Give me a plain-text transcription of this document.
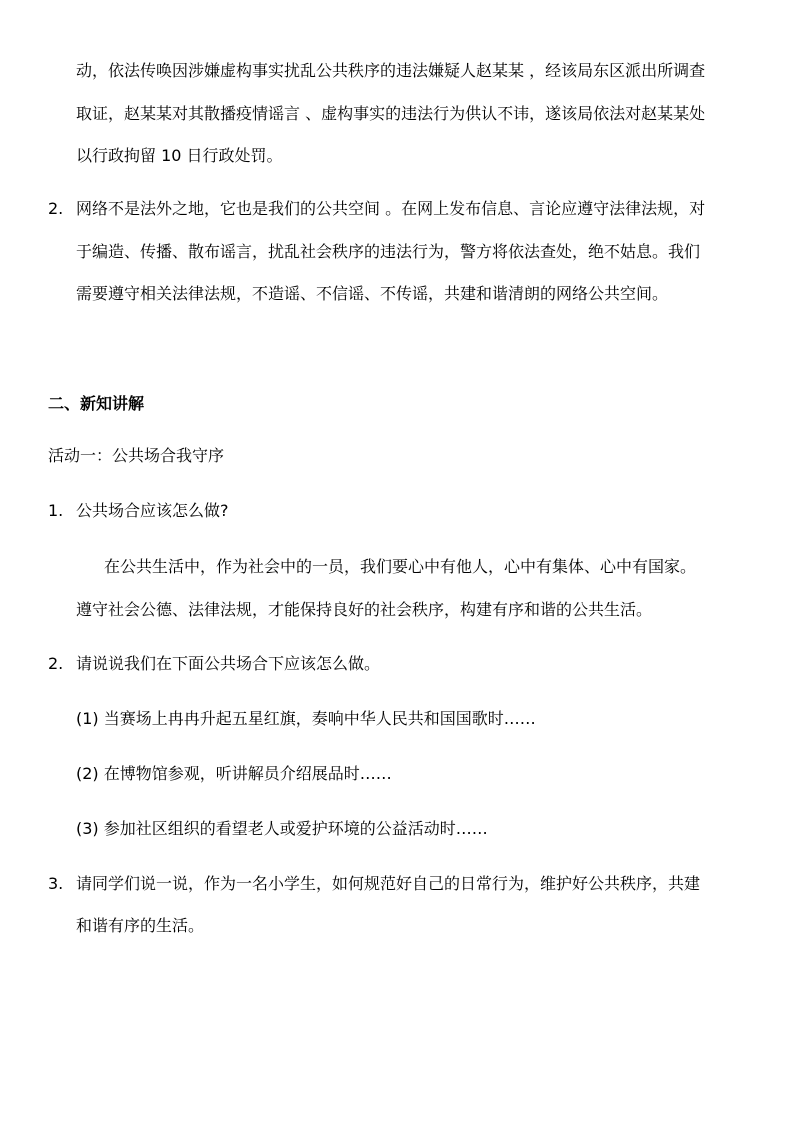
动，依法传唤因涉嫌虚构事实扰乱公共秩序的违法嫌疑人赵某某 ，经该局东区派出所调查
取证，赵某某对其散播疫情谣言 、虚构事实的违法行为供认不讳，遂该局依法对赵某某处
以行政拘留 10 日行政处罚。
2. 网络不是法外之地，它也是我们的公共空间 。在网上发布信息、言论应遵守法律法规，对
于编造、传播、散布谣言，扰乱社会秩序的违法行为，警方将依法查处，绝不姑息。我们
需要遵守相关法律法规，不造谣、不信谣、不传谣，共建和谐清朗的网络公共空间。
二、新知讲解
活动一：公共场合我守序
1. 公共场合应该怎么做?
在公共生活中，作为社会中的一员，我们要心中有他人，心中有集体、心中有国家。
遵守社会公德、法律法规，才能保持良好的社会秩序，构建有序和谐的公共生活。
2. 请说说我们在下面公共场合下应该怎么做。
(1) 当赛场上冉冉升起五星红旗，奏响中华人民共和国国歌时……
(2) 在博物馆参观，听讲解员介绍展品时……
(3) 参加社区组织的看望老人或爱护环境的公益活动时……
3. 请同学们说一说，作为一名小学生，如何规范好自己的日常行为，维护好公共秩序，共建
和谐有序的生活。
